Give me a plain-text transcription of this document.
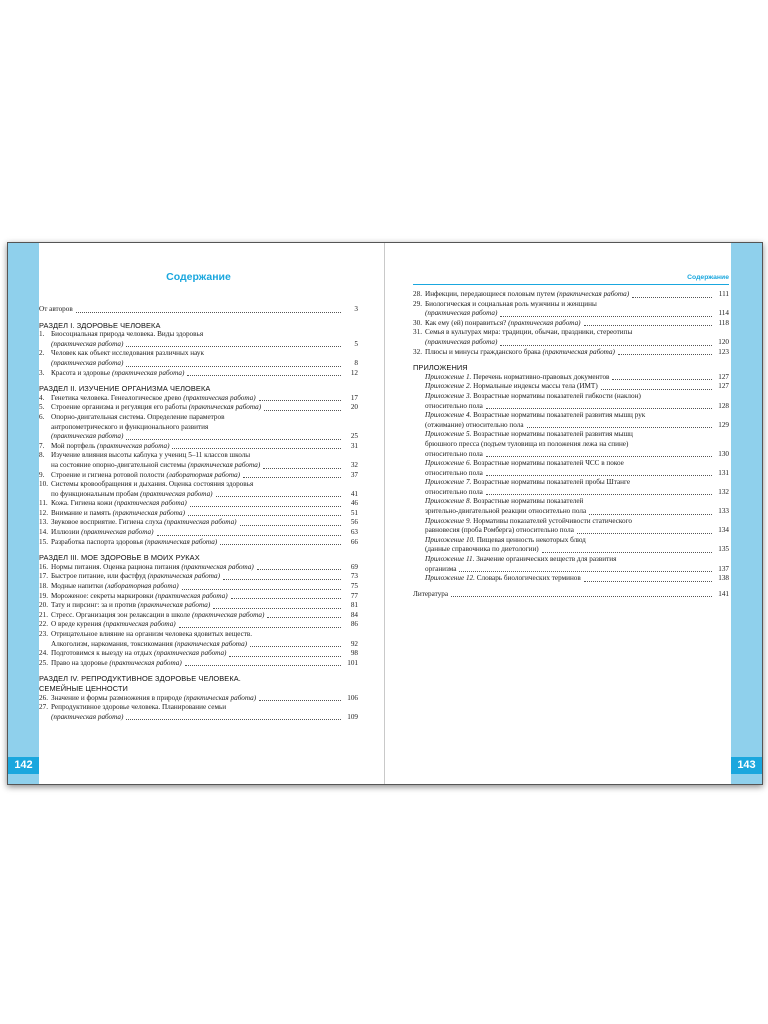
142	143
Содержание
От авторов	3
РАЗДЕЛ I. ЗДОРОВЬЕ ЧЕЛОВЕКА
1. Биосоциальная природа человека. Виды здоровья
(практическая работа)	5
2. Человек как объект исследования различных наук
(практическая работа)	8
3. Красота и здоровье (практическая работа)	12
РАЗДЕЛ II. ИЗУЧЕНИЕ ОРГАНИЗМА ЧЕЛОВЕКА
4. Генетика человека. Генеалогическое древо (практическая работа)	17
5. Строение организма и регуляция его работы (практическая работа)	20
6. Опорно-двигательная система. Определение параметров
антропометрического и функционального развития
(практическая работа)	25
7. Мой портфель (практическая работа)	31
8. Изучение влияния высоты каблука у учениц 5–11 классов школы
на состояние опорно-двигательной системы (практическая работа)	32
9. Строение и гигиена ротовой полости (лабораторная работа)	37
10. Системы кровообращения и дыхания. Оценка состояния здоровья
по функциональным пробам (практическая работа)	41
11. Кожа. Гигиена кожи (практическая работа)	46
12. Внимание и память (практическая работа)	51
13. Звуковое восприятие. Гигиена слуха (практическая работа)	56
14. Иллюзии (практическая работа)	63
15. Разработка паспорта здоровья (практическая работа)	66
РАЗДЕЛ III. МОЕ ЗДОРОВЬЕ В МОИХ РУКАХ
16. Нормы питания. Оценка рациона питания (практическая работа)	69
17. Быстрое питание, или фастфуд (практическая работа)	73
18. Модные напитки (лабораторная работа)	75
19. Мороженое: секреты маркировки (практическая работа)	77
20. Тату и пирсинг: за и против (практическая работа)	81
21. Стресс. Организация зон релаксации в школе (практическая работа)	84
22. О вреде курения (практическая работа)	86
23. Отрицательное влияние на организм человека ядовитых веществ.
Алкоголизм, наркомания, токсикомания (практическая работа)	92
24. Подготовимся к выезду на отдых (практическая работа)	98
25. Право на здоровье (практическая работа)	101
РАЗДЕЛ IV. РЕПРОДУКТИВНОЕ ЗДОРОВЬЕ ЧЕЛОВЕКА.
СЕМЕЙНЫЕ ЦЕННОСТИ
26. Значение и формы размножения в природе (практическая работа)	106
27. Репродуктивное здоровье человека. Планирование семьи
(практическая работа)	109
Содержание
28. Инфекции, передающиеся половым путем (практическая работа)	111
29. Биологическая и социальная роль мужчины и женщины
(практическая работа)	114
30. Как ему (ей) понравиться? (практическая работа)	118
31. Семья в культурах мира: традиции, обычаи, праздники, стереотипы
(практическая работа)	120
32. Плюсы и минусы гражданского брака (практическая работа)	123
ПРИЛОЖЕНИЯ
Приложение 1. Перечень нормативно-правовых документов	127
Приложение 2. Нормальные индексы массы тела (ИМТ)	127
Приложение 3. Возрастные нормативы показателей гибкости (наклон)
относительно пола	128
Приложение 4. Возрастные нормативы показателей развития мышц рук
(отжимание) относительно пола	129
Приложение 5. Возрастные нормативы показателей развития мышц
брюшного пресса (подъем туловища из положения лежа на спине)
относительно пола	130
Приложение 6. Возрастные нормативы показателей ЧСС в покое
относительно пола	131
Приложение 7. Возрастные нормативы показателей пробы Штанге
относительно пола	132
Приложение 8. Возрастные нормативы показателей
зрительно-двигательной реакции относительно пола	133
Приложение 9. Нормативы показателей устойчивости статического
равновесия (проба Ромберга) относительно пола	134
Приложение 10. Пищевая ценность некоторых блюд
(данные справочника по диетологии)	135
Приложение 11. Значение органических веществ для развития
организма	137
Приложение 12. Словарь биологических терминов	138
Литература	141
